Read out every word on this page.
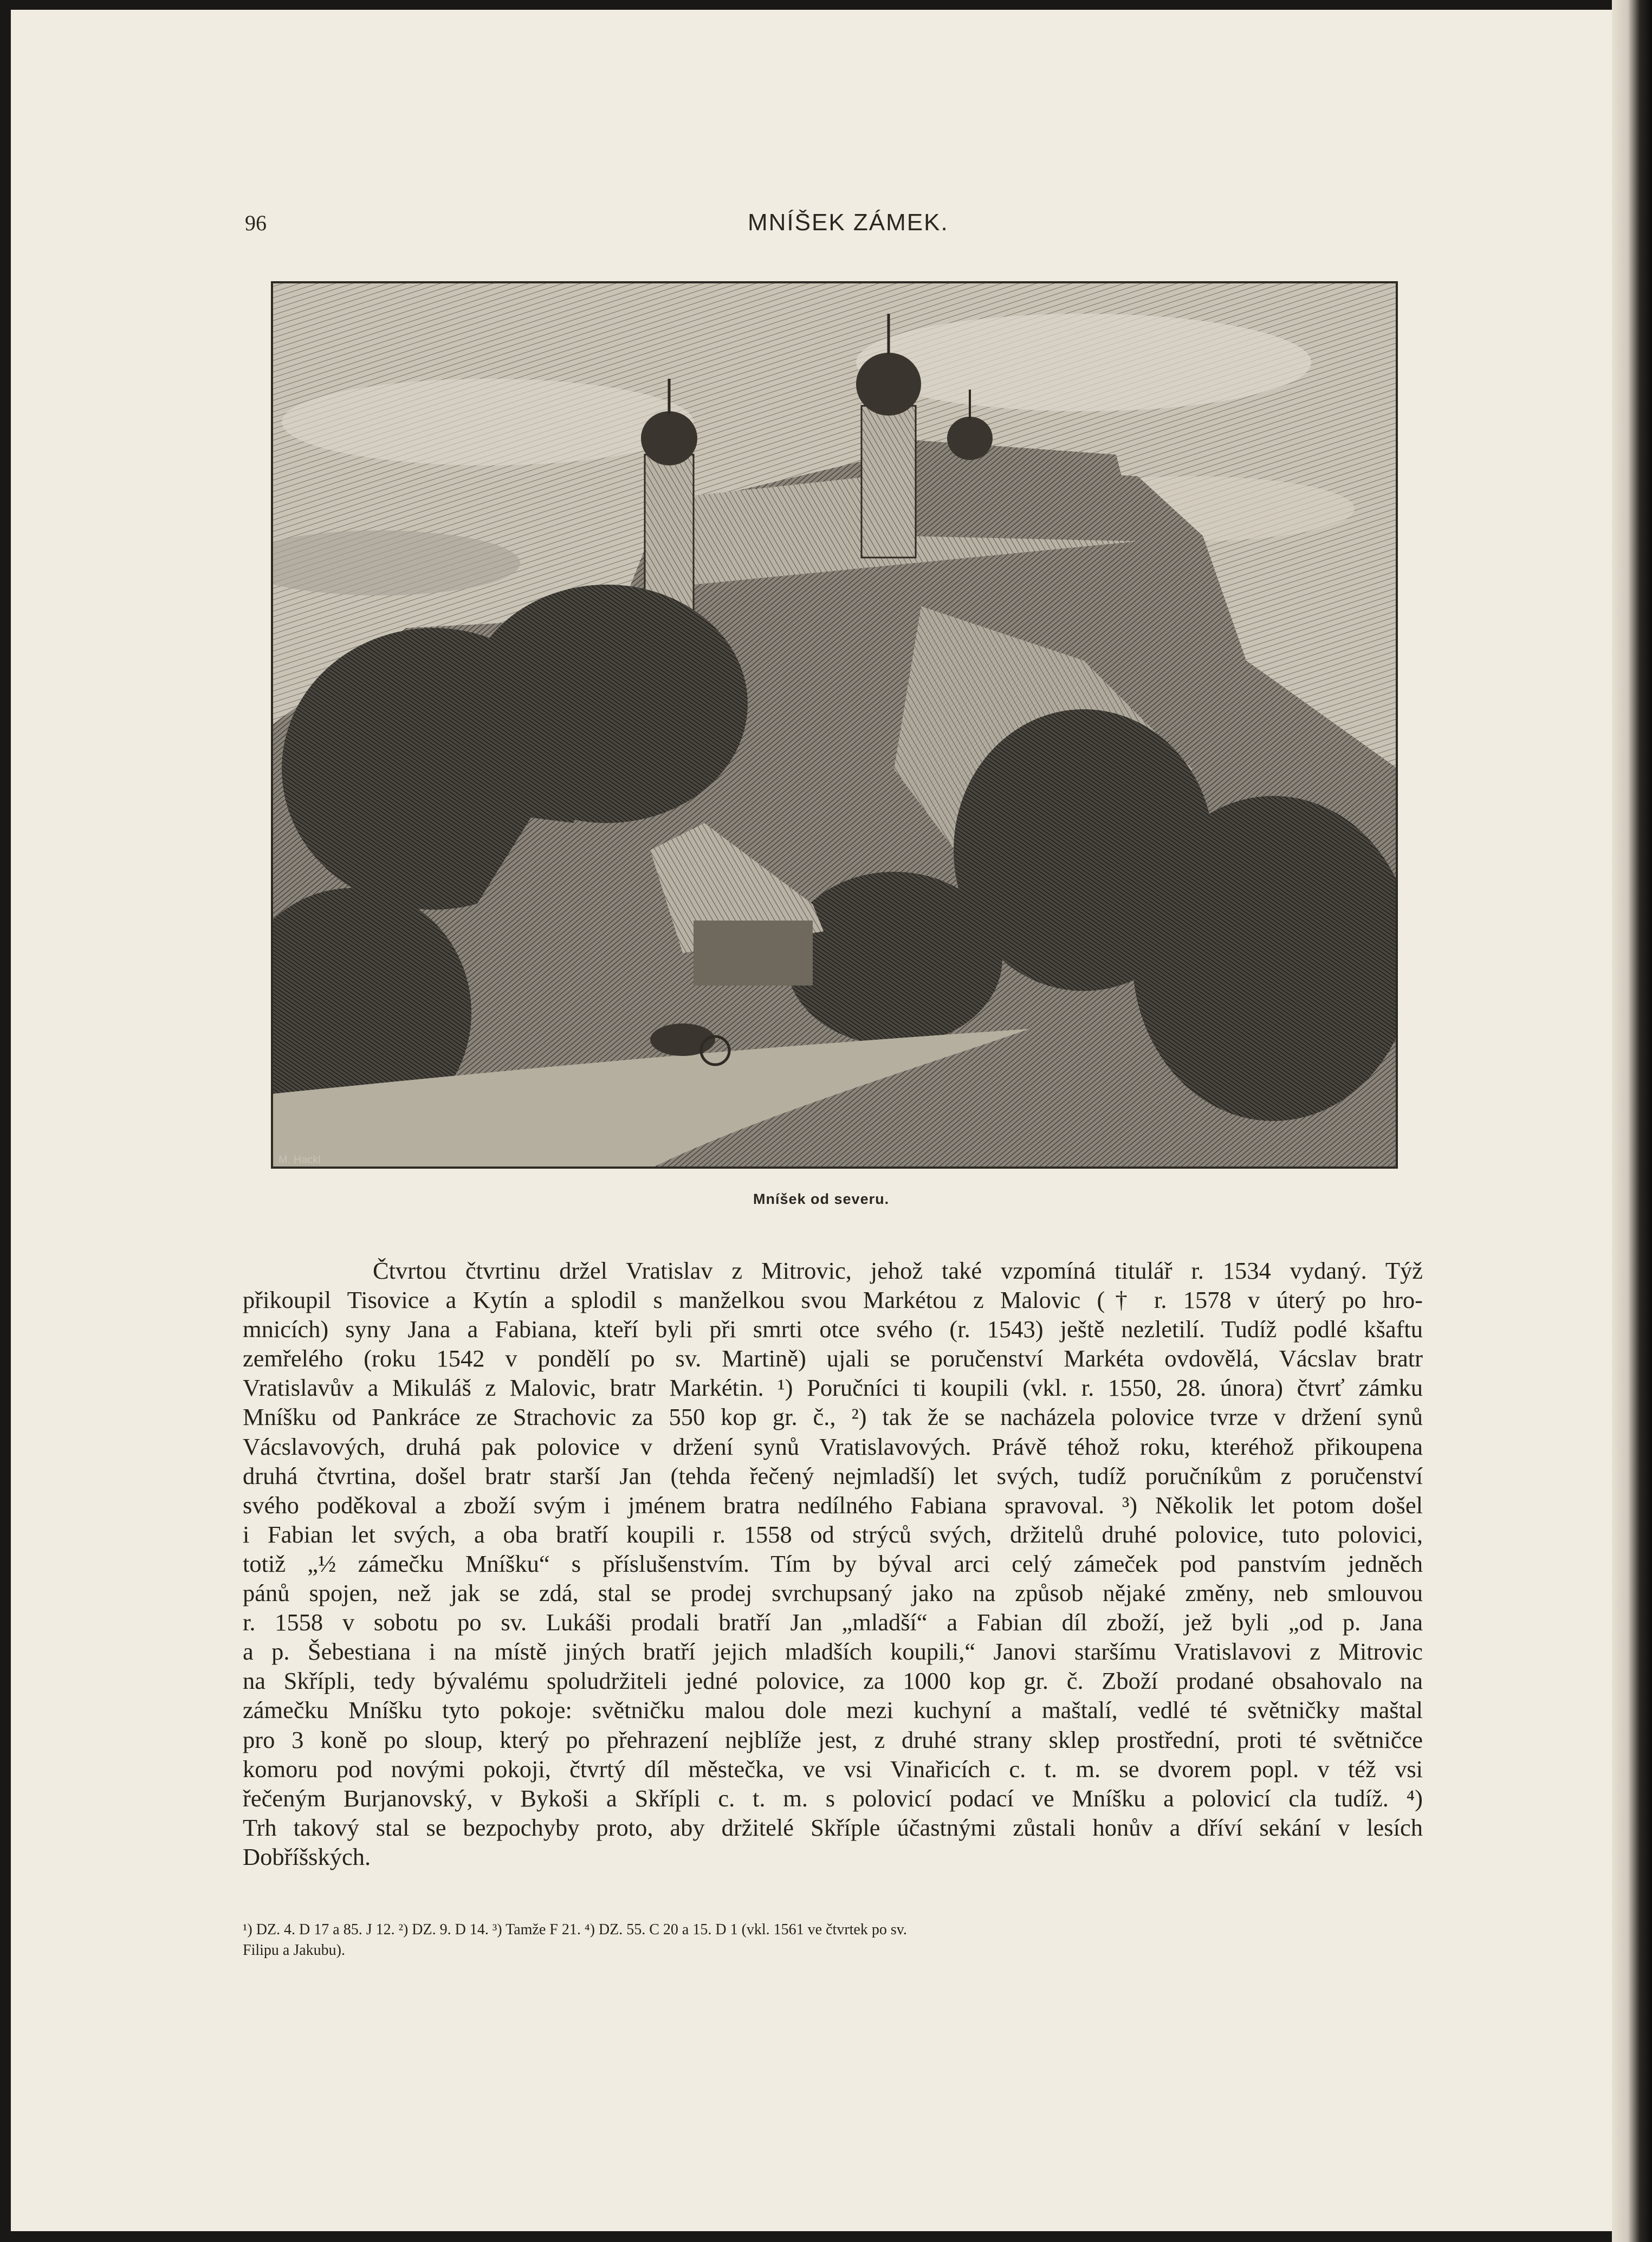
96	MNÍŠEK ZÁMEK.
M. Hackl
Mníšek od severu.
Čtvrtou čtvrtinu držel Vratislav z Mitrovic, jehož také vzpomíná titulář r. 1534 vydaný. Týž
přikoupil Tisovice a Kytín a splodil s manželkou svou Markétou z Malovic († r. 1578 v úterý po hro-
mnicích) syny Jana a Fabiana, kteří byli při smrti otce svého (r. 1543) ještě nezletilí. Tudíž podlé kšaftu
zemřelého (roku 1542 v pondělí po sv. Martině) ujali se poručenství Markéta ovdovělá, Vácslav bratr
Vratislavův a Mikuláš z Malovic, bratr Markétin. ¹) Poručníci ti koupili (vkl. r. 1550, 28. února) čtvrť zámku
Mníšku od Pankráce ze Strachovic za 550 kop gr. č., ²) tak že se nacházela polovice tvrze v držení synů
Vácslavových, druhá pak polovice v držení synů Vratislavových. Právě téhož roku, kteréhož přikoupena
druhá čtvrtina, došel bratr starší Jan (tehda řečený nejmladší) let svých, tudíž poručníkům z poručenství
svého poděkoval a zboží svým i jménem bratra nedílného Fabiana spravoval. ³) Několik let potom došel
i Fabian let svých, a oba bratří koupili r. 1558 od strýců svých, držitelů druhé polovice, tuto polovici,
totiž „½ zámečku Mníšku“ s příslušenstvím. Tím by býval arci celý zámeček pod panstvím jedněch
pánů spojen, než jak se zdá, stal se prodej svrchupsaný jako na způsob nějaké změny, neb smlouvou
r. 1558 v sobotu po sv. Lukáši prodali bratří Jan „mladší“ a Fabian díl zboží, jež byli „od p. Jana
a p. Šebestiana i na místě jiných bratří jejich mladších koupili,“ Janovi staršímu Vratislavovi z Mitrovic
na Skřípli, tedy bývalému spoludržiteli jedné polovice, za 1000 kop gr. č. Zboží prodané obsahovalo na
zámečku Mníšku tyto pokoje: světničku malou dole mezi kuchyní a maštalí, vedlé té světničky maštal
pro 3 koně po sloup, který po přehrazení nejblíže jest, z druhé strany sklep prostřední, proti té světničce
komoru pod novými pokoji, čtvrtý díl městečka, ve vsi Vinařicích c. t. m. se dvorem popl. v též vsi
řečeným Burjanovský, v Bykoši a Skřípli c. t. m. s polovicí podací ve Mníšku a polovicí cla tudíž. ⁴)
Trh takový stal se bezpochyby proto, aby držitelé Skříple účastnými zůstali honův a dříví sekání v lesích
Dobříšských.
¹) DZ. 4. D 17 a 85. J 12. ²) DZ. 9. D 14. ³) Tamže F 21. ⁴) DZ. 55. C 20 a 15. D 1 (vkl. 1561 ve čtvrtek po sv.
Filipu a Jakubu).
